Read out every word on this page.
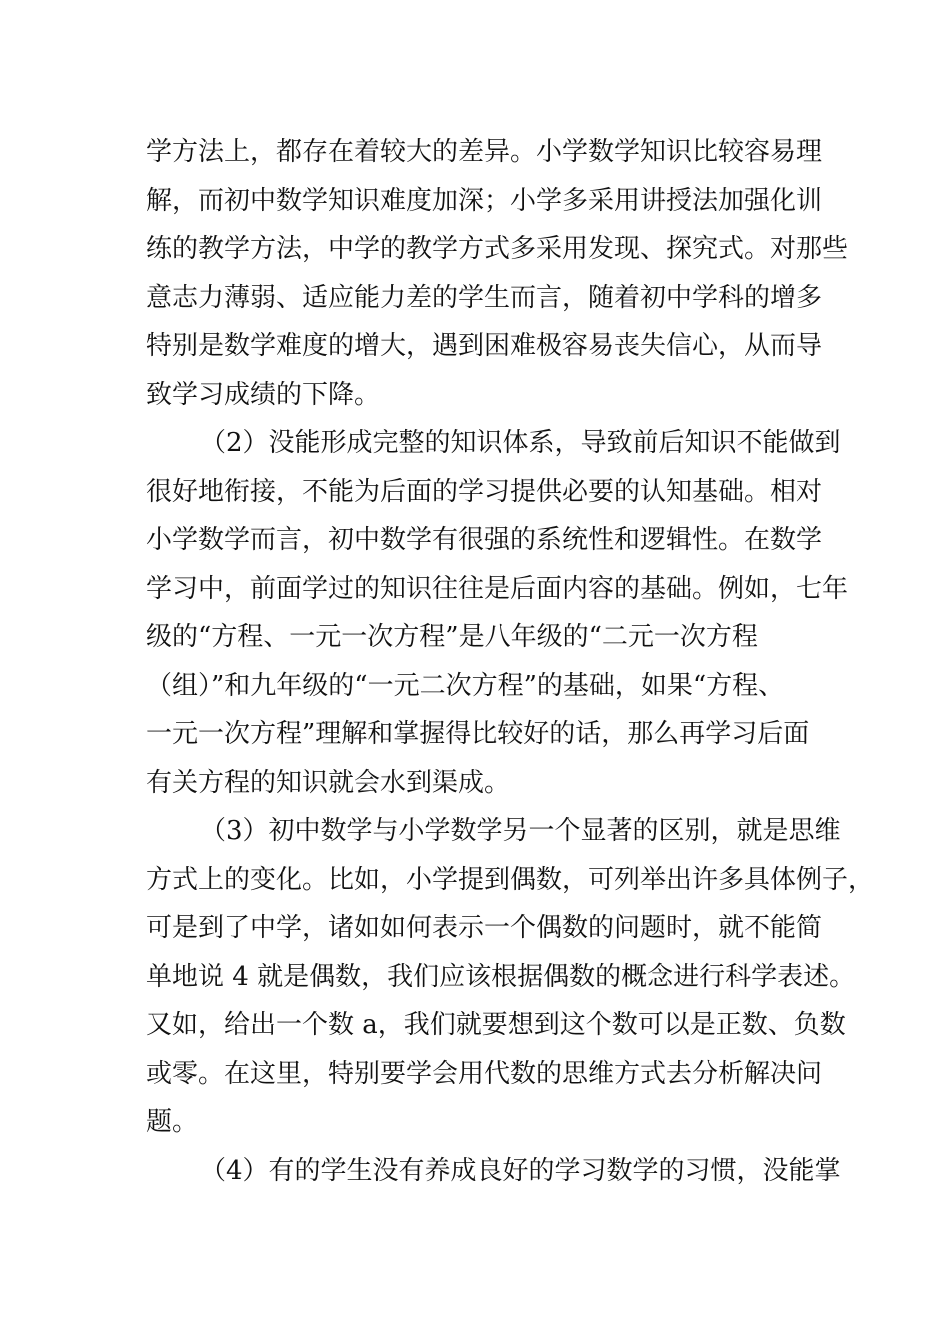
学方法上，都存在着较大的差异。小学数学知识比较容易理
解，而初中数学知识难度加深；小学多采用讲授法加强化训
练的教学方法，中学的教学方式多采用发现、探究式。对那些
意志力薄弱、适应能力差的学生而言，随着初中学科的增多
特别是数学难度的增大，遇到困难极容易丧失信心，从而导
致学习成绩的下降。
（2）没能形成完整的知识体系，导致前后知识不能做到
很好地衔接，不能为后面的学习提供必要的认知基础。相对
小学数学而言，初中数学有很强的系统性和逻辑性。在数学
学习中，前面学过的知识往往是后面内容的基础。例如，七年
级的“方程、一元一次方程”是八年级的“二元一次方程
（组）”和九年级的“一元二次方程”的基础，如果“方程、
一元一次方程”理解和掌握得比较好的话，那么再学习后面
有关方程的知识就会水到渠成。
（3）初中数学与小学数学另一个显著的区别，就是思维
方式上的变化。比如，小学提到偶数，可列举出许多具体例子，
可是到了中学，诸如如何表示一个偶数的问题时，就不能简
单地说 4 就是偶数，我们应该根据偶数的概念进行科学表述。
又如，给出一个数 a，我们就要想到这个数可以是正数、负数
或零。在这里，特别要学会用代数的思维方式去分析解决问
题。
（4）有的学生没有养成良好的学习数学的习惯，没能掌
